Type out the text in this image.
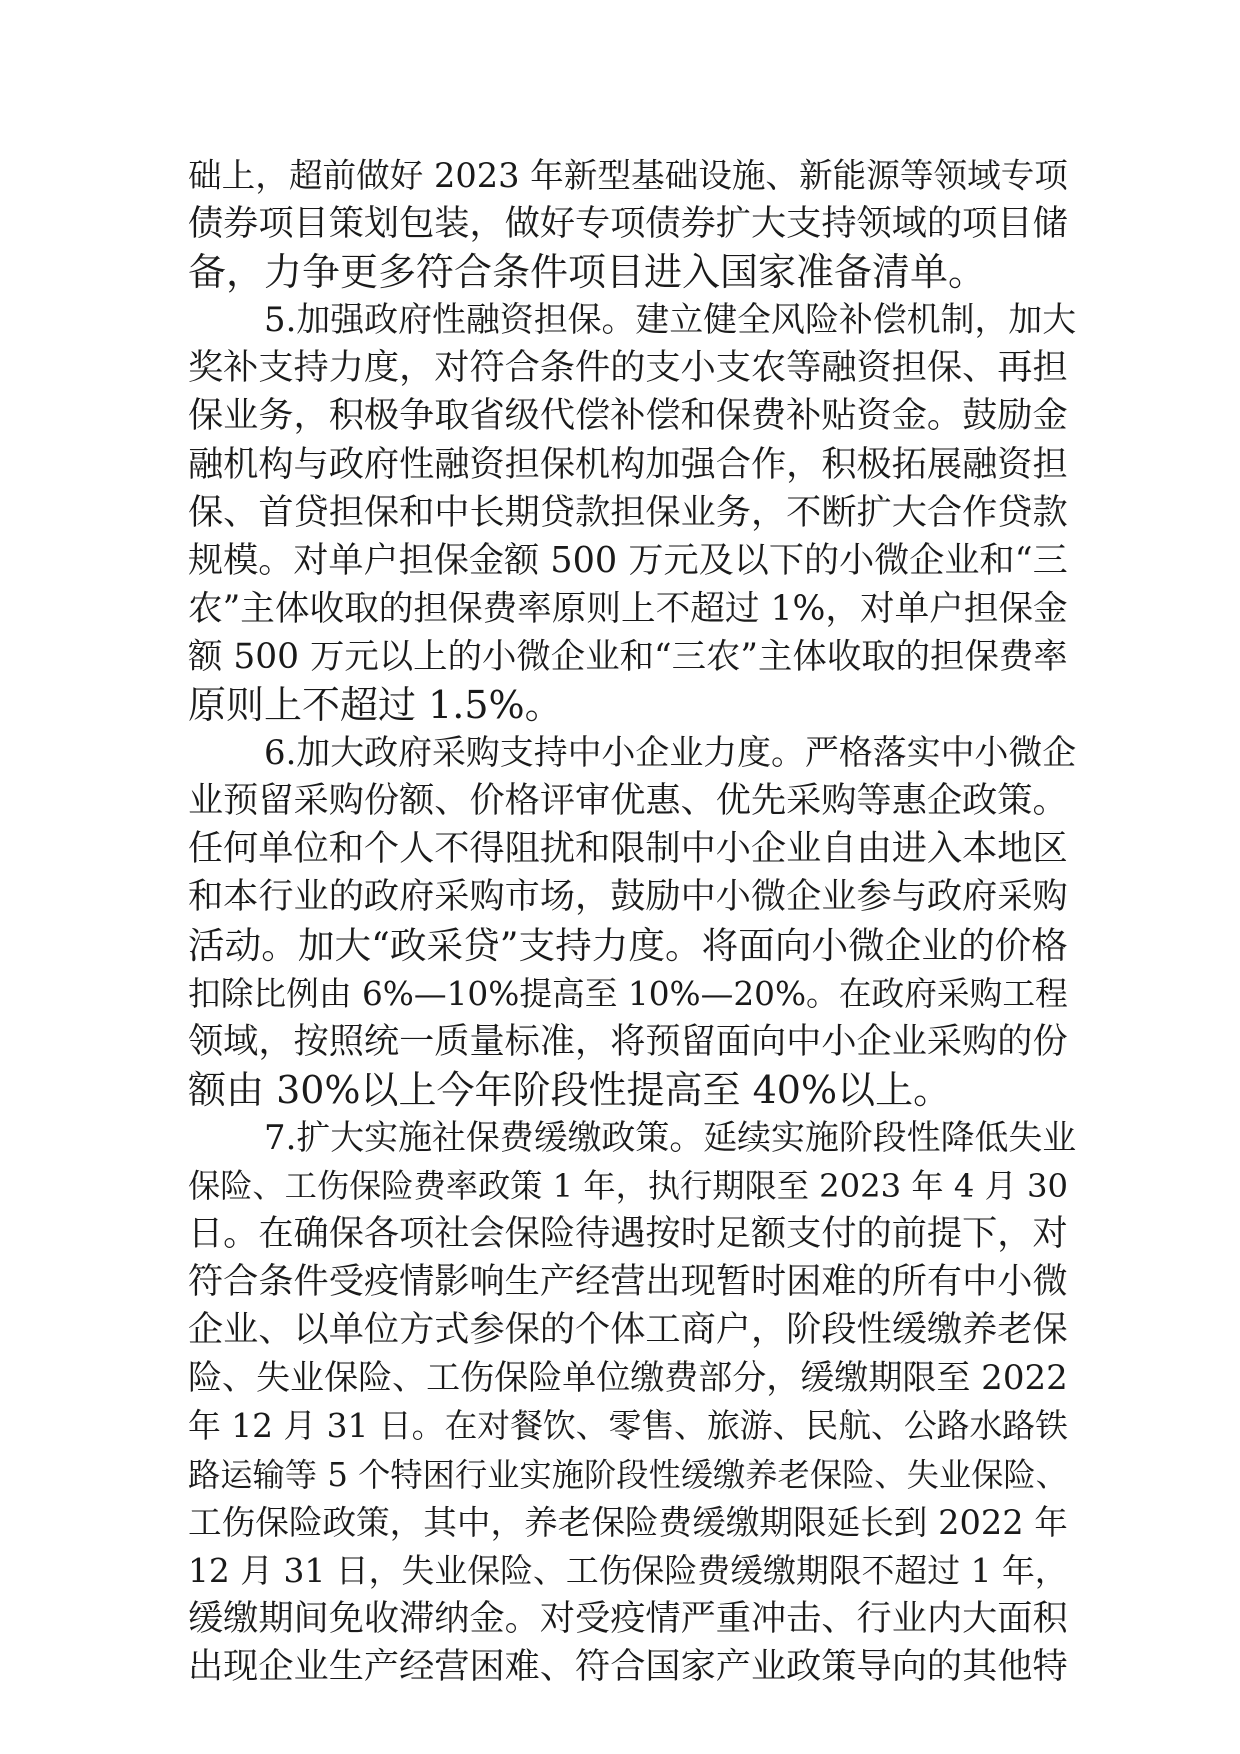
础上，超前做好 2023 年新型基础设施、新能源等领域专项
债券项目策划包装，做好专项债券扩大支持领域的项目储
备，力争更多符合条件项目进入国家准备清单。
5.加强政府性融资担保。建立健全风险补偿机制，加大
奖补支持力度，对符合条件的支小支农等融资担保、再担
保业务，积极争取省级代偿补偿和保费补贴资金。鼓励金
融机构与政府性融资担保机构加强合作，积极拓展融资担
保、首贷担保和中长期贷款担保业务，不断扩大合作贷款
规模。对单户担保金额 500 万元及以下的小微企业和“三
农”主体收取的担保费率原则上不超过 1%，对单户担保金
额 500 万元以上的小微企业和“三农”主体收取的担保费率
原则上不超过 1.5%。
6.加大政府采购支持中小企业力度。严格落实中小微企
业预留采购份额、价格评审优惠、优先采购等惠企政策。
任何单位和个人不得阻扰和限制中小企业自由进入本地区
和本行业的政府采购市场，鼓励中小微企业参与政府采购
活动。加大“政采贷”支持力度。将面向小微企业的价格
扣除比例由 6%—10%提高至 10%—20%。在政府采购工程
领域，按照统一质量标准，将预留面向中小企业采购的份
额由 30%以上今年阶段性提高至 40%以上。
7.扩大实施社保费缓缴政策。延续实施阶段性降低失业
保险、工伤保险费率政策 1 年，执行期限至 2023 年 4 月 30
日。在确保各项社会保险待遇按时足额支付的前提下，对
符合条件受疫情影响生产经营出现暂时困难的所有中小微
企业、以单位方式参保的个体工商户，阶段性缓缴养老保
险、失业保险、工伤保险单位缴费部分，缓缴期限至 2022
年 12 月 31 日。在对餐饮、零售、旅游、民航、公路水路铁
路运输等 5 个特困行业实施阶段性缓缴养老保险、失业保险、
工伤保险政策，其中，养老保险费缓缴期限延长到 2022 年
12 月 31 日，失业保险、工伤保险费缓缴期限不超过 1 年，
缓缴期间免收滞纳金。对受疫情严重冲击、行业内大面积
出现企业生产经营困难、符合国家产业政策导向的其他特
